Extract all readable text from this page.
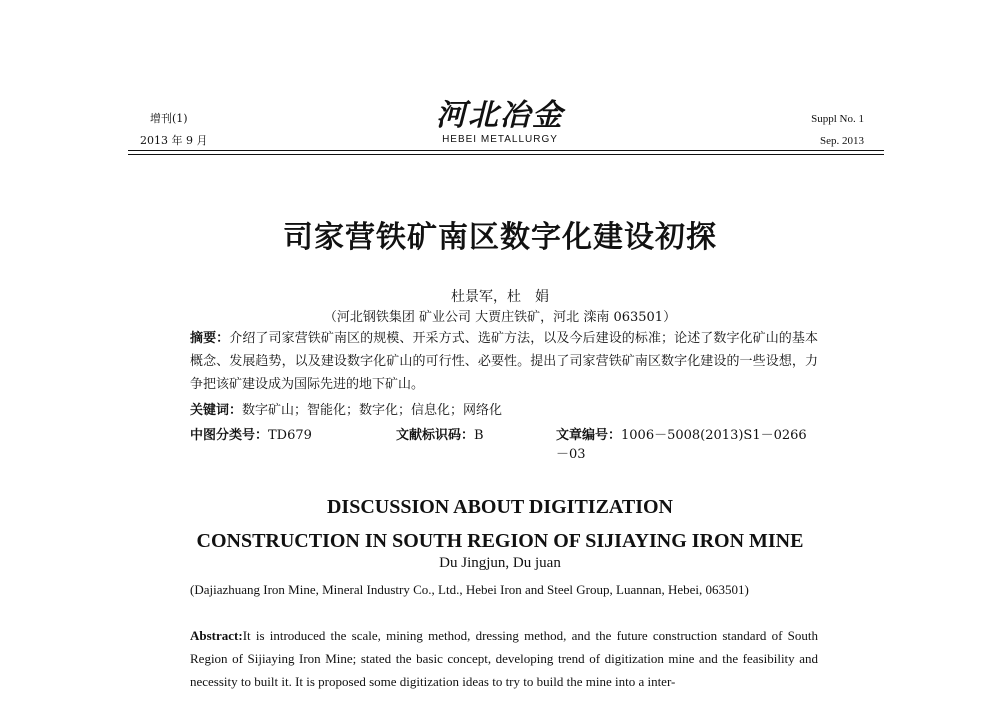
增刊(1)
2013 年 9 月
河北冶金
HEBEI METALLURGY
Suppl No. 1
Sep. 2013
司家营铁矿南区数字化建设初探
杜景军，杜　娟
（河北钢铁集团 矿业公司 大贾庄铁矿，河北 滦南 063501）
摘要：介绍了司家营铁矿南区的规模、开采方式、选矿方法，以及今后建设的标准；论述了数字化矿山的基本概念、发展趋势，以及建设数字化矿山的可行性、必要性。提出了司家营铁矿南区数字化建设的一些设想，力争把该矿建设成为国际先进的地下矿山。
关键词：数字矿山；智能化；数字化；信息化；网络化
中图分类号：TD679	文献标识码：B	文章编号：1006－5008(2013)S1－0266－03
DISCUSSION ABOUT DIGITIZATION
CONSTRUCTION IN SOUTH REGION OF SIJIAYING IRON MINE
Du Jingjun, Du juan
(Dajiazhuang Iron Mine, Mineral Industry Co., Ltd., Hebei Iron and Steel Group, Luannan, Hebei, 063501)
Abstract:It is introduced the scale, mining method, dressing method, and the future construction standard of South Region of Sijiaying Iron Mine; stated the basic concept, developing trend of digitization mine and the feasibility and necessity to built it. It is proposed some digitization ideas to try to build the mine into a inter-
